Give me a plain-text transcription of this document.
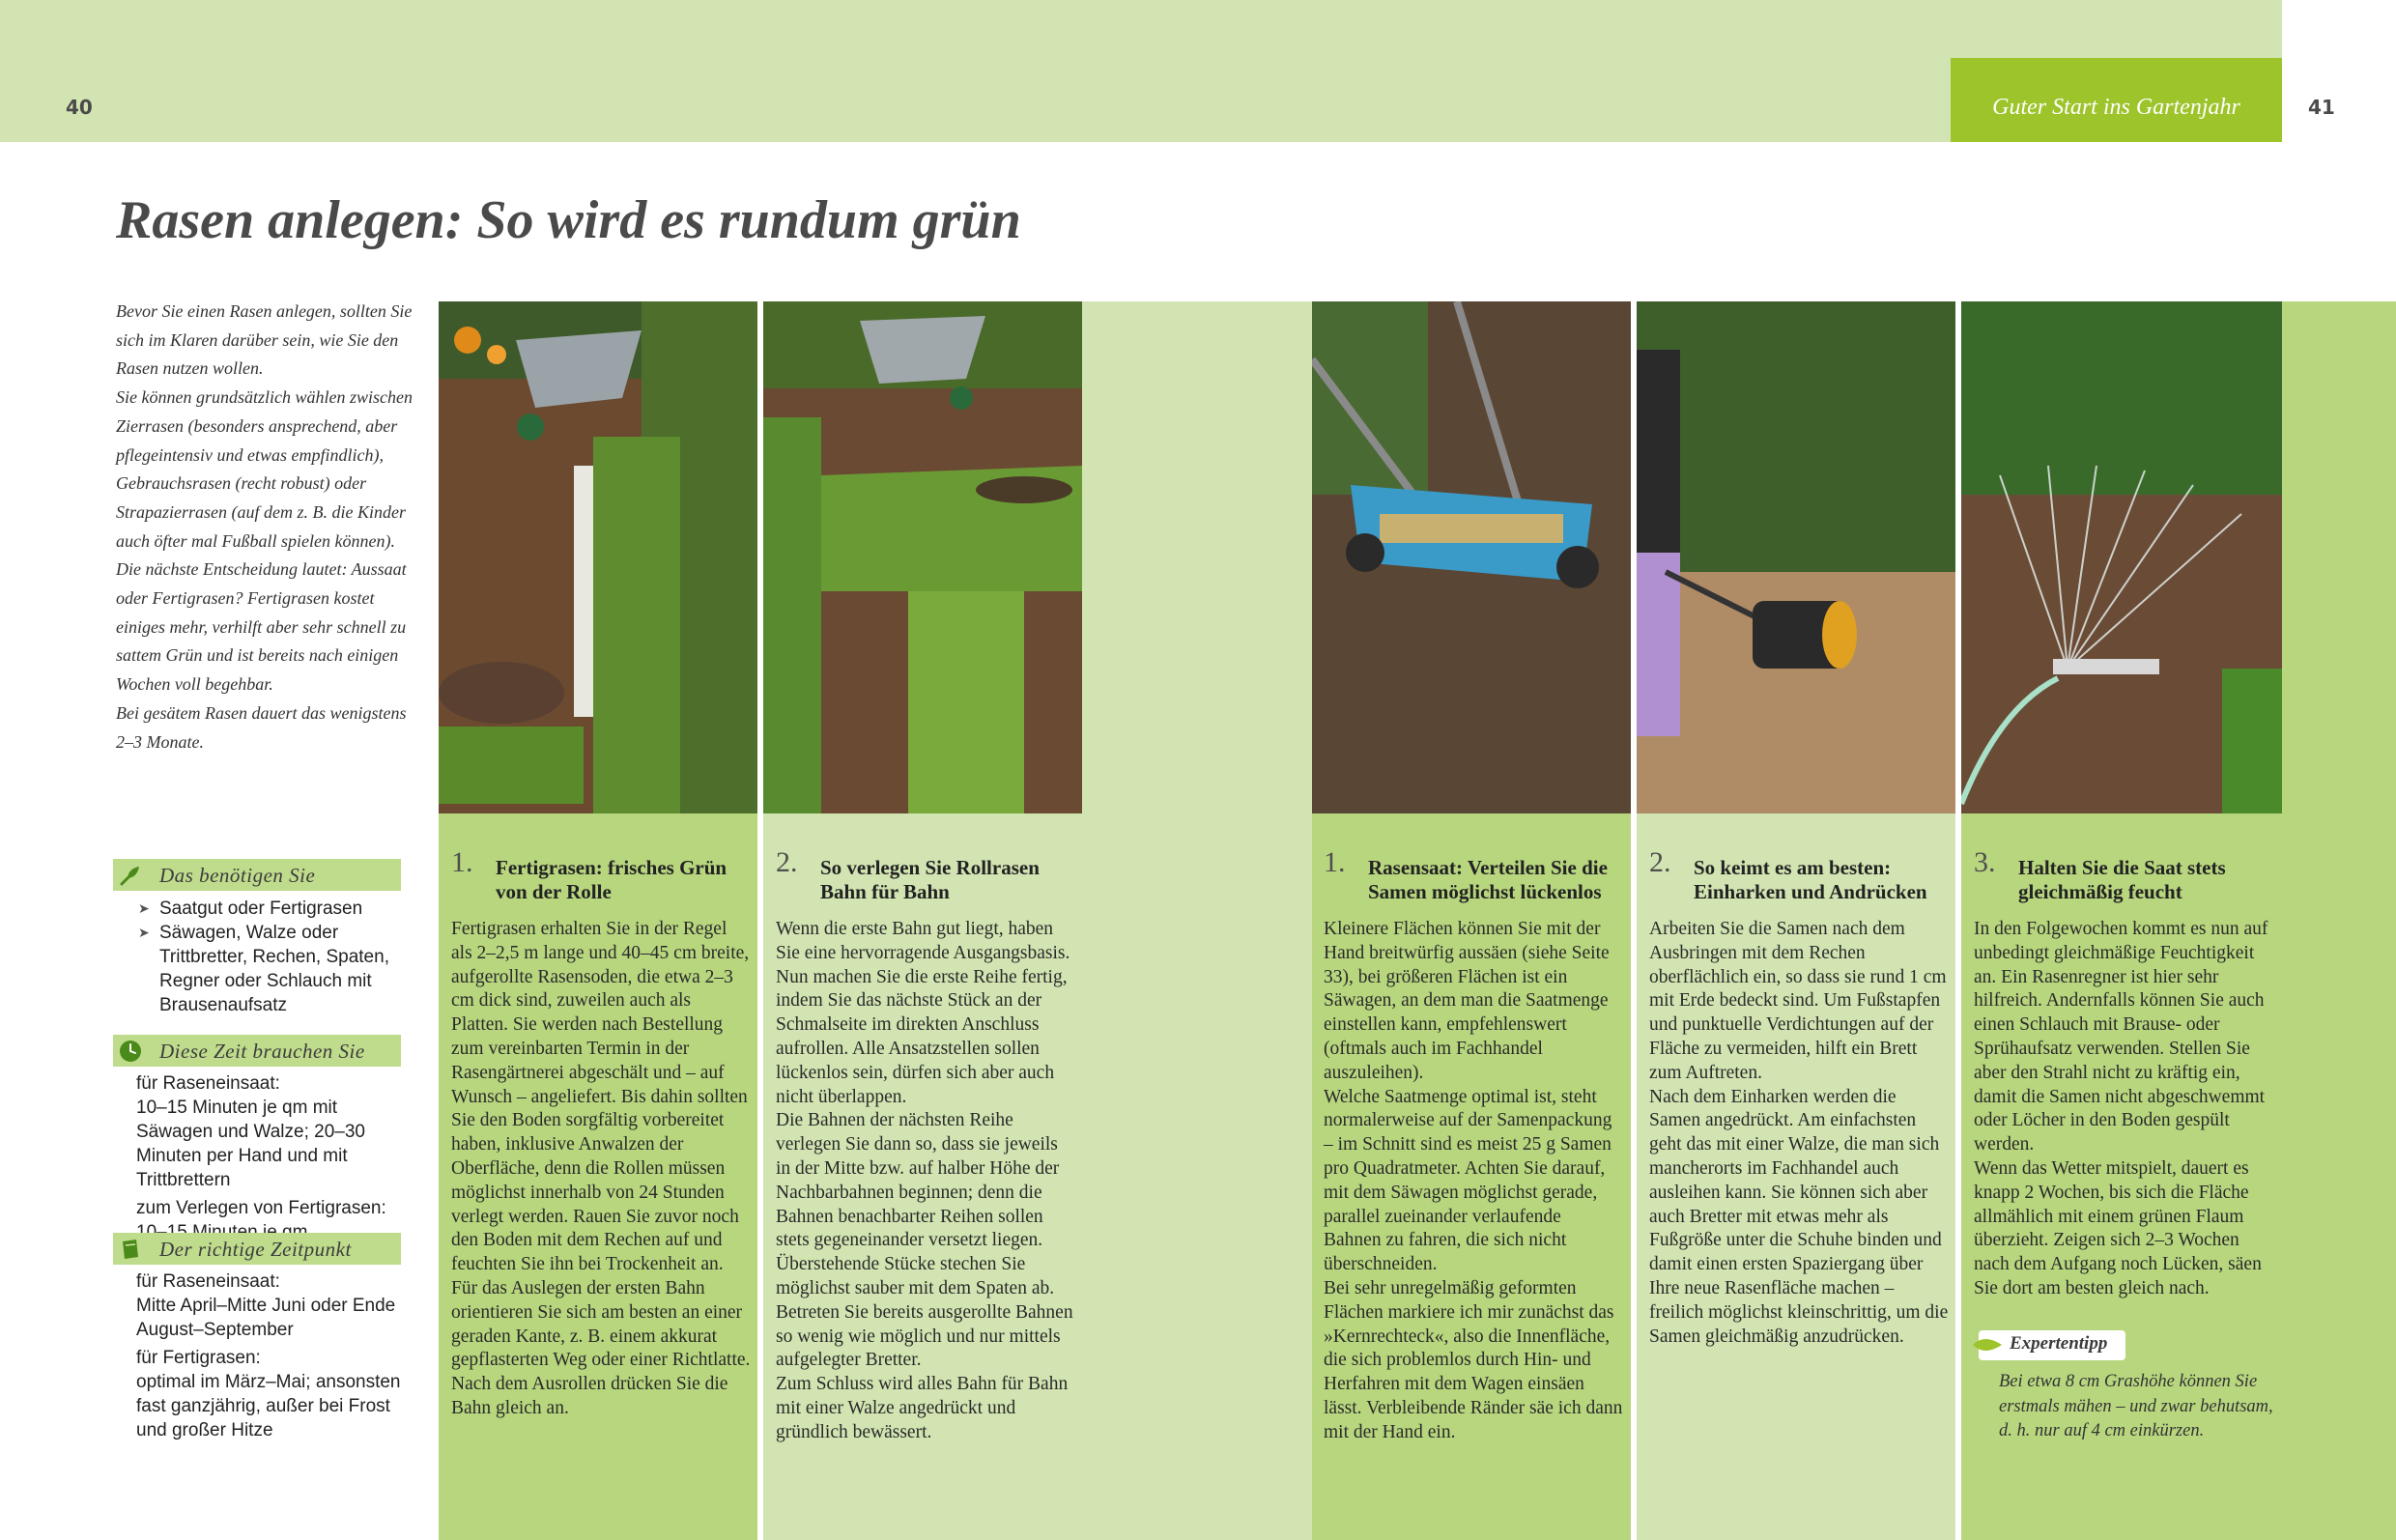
40	Guter Start ins Gartenjahr	41
Rasen anlegen: So wird es rundum grün

Bevor Sie einen Rasen anlegen, sollten Sie sich im Klaren darüber sein, wie Sie den Rasen nutzen wollen.

Sie können grundsätzlich wählen zwischen Zierrasen (besonders ansprechend, aber pflegeintensiv und etwas empfindlich), Gebrauchsrasen (recht robust) oder Strapazierrasen (auf dem z. B. die Kinder auch öfter mal Fußball spielen können).

Die nächste Entscheidung lautet: Aussaat oder Fertigrasen? Fertigrasen kostet einiges mehr, verhilft aber sehr schnell zu sattem Grün und ist bereits nach einigen Wochen voll begehbar.

Bei gesätem Rasen dauert das wenigstens 2–3 Monate.

1. Fertigrasen: frisches Grün von der Rolle

Fertigrasen erhalten Sie in der Regel als 2–2,5 m lange und 40–45 cm breite, aufgerollte Rasensoden, die etwa 2–3 cm dick sind, zuweilen auch als Platten. Sie werden nach Bestellung zum vereinbarten Termin in der Rasengärtnerei abgeschält und – auf Wunsch – angeliefert. Bis dahin sollten Sie den Boden sorgfältig vorbereitet haben, inklusive Anwalzen der Oberfläche, denn die Rollen müssen möglichst innerhalb von 24 Stunden verlegt werden. Rauen Sie zuvor noch den Boden mit dem Rechen auf und feuchten Sie ihn bei Trockenheit an.

Für das Auslegen der ersten Bahn orientieren Sie sich am besten an einer geraden Kante, z. B. einem akkurat gepflasterten Weg oder einer Richtlatte. Nach dem Ausrollen drücken Sie die Bahn gleich an.

2. So verlegen Sie Rollrasen Bahn für Bahn

Wenn die erste Bahn gut liegt, haben Sie eine hervorragende Ausgangsbasis. Nun machen Sie die erste Reihe fertig, indem Sie das nächste Stück an der Schmalseite im direkten Anschluss aufrollen. Alle Ansatzstellen sollen lückenlos sein, dürfen sich aber auch nicht überlappen.

Die Bahnen der nächsten Reihe verlegen Sie dann so, dass sie jeweils in der Mitte bzw. auf halber Höhe der Nachbarbahnen beginnen; denn die Bahnen benachbarter Reihen sollen stets gegeneinander versetzt liegen. Überstehende Stücke stechen Sie möglichst sauber mit dem Spaten ab. Betreten Sie bereits ausgerollte Bahnen so wenig wie möglich und nur mittels aufgelegter Bretter.

Zum Schluss wird alles Bahn für Bahn mit einer Walze angedrückt und gründlich bewässert.

1. Rasensaat: Verteilen Sie die Samen möglichst lückenlos

Kleinere Flächen können Sie mit der Hand breitwürfig aussäen (siehe Seite 33), bei größeren Flächen ist ein Säwagen, an dem man die Saatmenge einstellen kann, empfehlenswert (oftmals auch im Fachhandel auszuleihen).

Welche Saatmenge optimal ist, steht normalerweise auf der Samenpackung – im Schnitt sind es meist 25 g Samen pro Quadratmeter. Achten Sie darauf, mit dem Säwagen möglichst gerade, parallel zueinander verlaufende Bahnen zu fahren, die sich nicht überschneiden.

Bei sehr unregelmäßig geformten Flächen markiere ich mir zunächst das »Kernrechteck«, also die Innenfläche, die sich problemlos durch Hin- und Herfahren mit dem Wagen einsäen lässt. Verbleibende Ränder säe ich dann mit der Hand ein.

2. So keimt es am besten: Einharken und Andrücken

Arbeiten Sie die Samen nach dem Ausbringen mit dem Rechen oberflächlich ein, so dass sie rund 1 cm mit Erde bedeckt sind. Um Fußstapfen und punktuelle Verdichtungen auf der Fläche zu vermeiden, hilft ein Brett zum Auftreten.

Nach dem Einharken werden die Samen angedrückt. Am einfachsten geht das mit einer Walze, die man sich mancherorts im Fachhandel auch ausleihen kann. Sie können sich aber auch Bretter mit etwas mehr als Fußgröße unter die Schuhe binden und damit einen ersten Spaziergang über Ihre neue Rasenfläche machen – freilich möglichst kleinschrittig, um die Samen gleichmäßig anzudrücken.

3. Halten Sie die Saat stets gleichmäßig feucht

In den Folgewochen kommt es nun auf unbedingt gleichmäßige Feuchtigkeit an. Ein Rasenregner ist hier sehr hilfreich. Andernfalls können Sie auch einen Schlauch mit Brause- oder Sprühaufsatz verwenden. Stellen Sie aber den Strahl nicht zu kräftig ein, damit die Samen nicht abgeschwemmt oder Löcher in den Boden gespült werden.

Wenn das Wetter mitspielt, dauert es knapp 2 Wochen, bis sich die Fläche allmählich mit einem grünen Flaum überzieht. Zeigen sich 2–3 Wochen nach dem Aufgang noch Lücken, säen Sie dort am besten gleich nach.

Expertentipp
Bei etwa 8 cm Grashöhe können Sie erstmals mähen – und zwar behutsam, d. h. nur auf 4 cm einkürzen.
Das benötigen Sie
➤ Saatgut oder Fertigrasen
➤ Säwagen, Walze oder Trittbretter, Rechen, Spaten, Regner oder Schlauch mit Brausenaufsatz
Diese Zeit brauchen Sie
für Raseneinsaat:
10–15 Minuten je qm mit Säwagen und Walze; 20–30 Minuten per Hand und mit Trittbrettern
zum Verlegen von Fertigrasen:
Der richtige Zeitpunkt
für Raseneinsaat:
Mitte April–Mitte Juni oder Ende August–September
für Fertigrasen:
optimal im März–Mai; ansonsten fast ganzjährig, außer bei Frost und großer Hitze
